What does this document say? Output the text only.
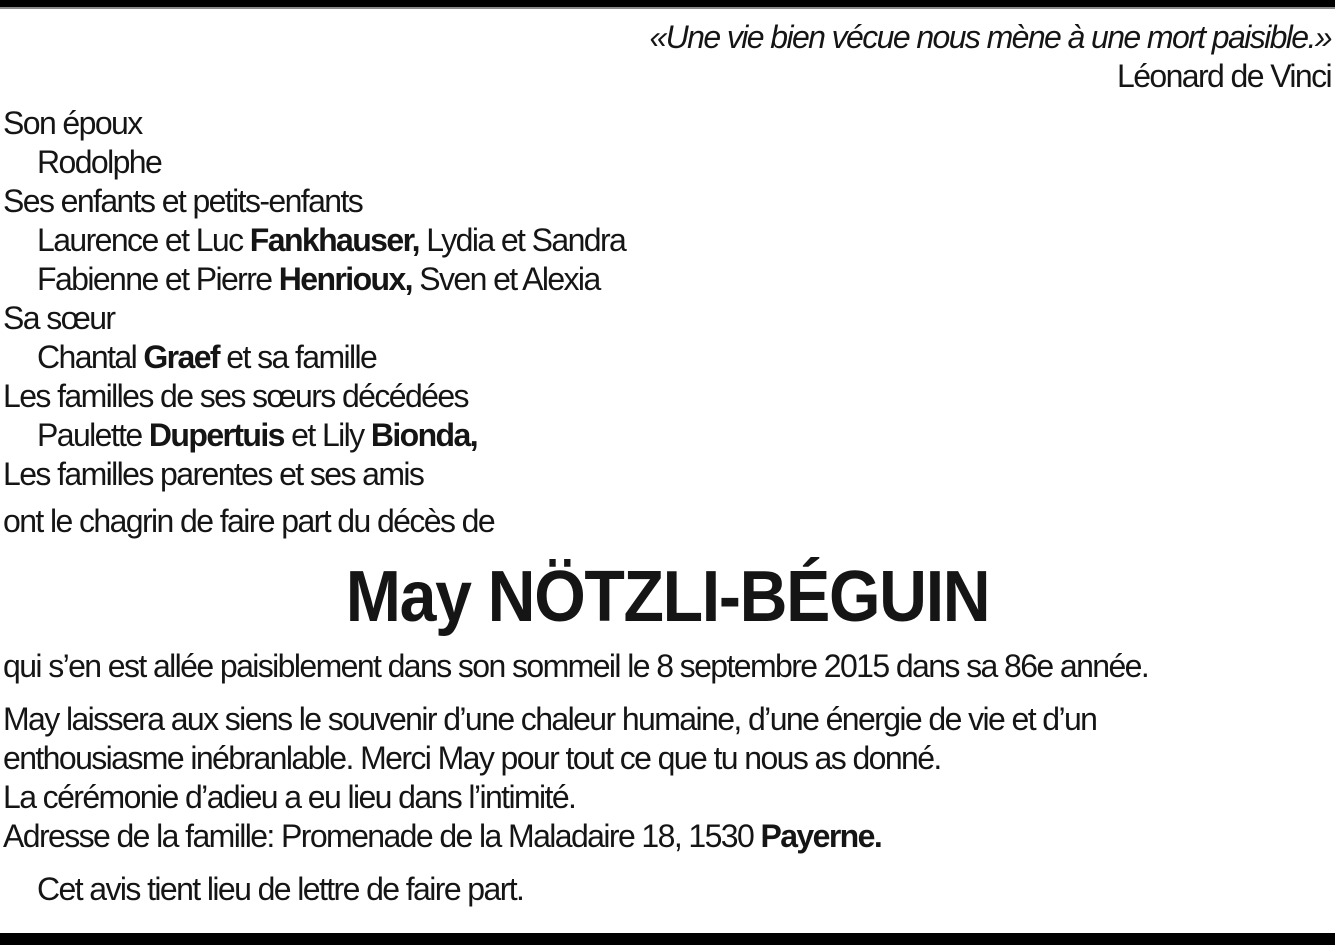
«Une vie bien vécue nous mène à une mort paisible.»
Léonard de Vinci
Son époux
Rodolphe
Ses enfants et petits-enfants
Laurence et Luc Fankhauser, Lydia et Sandra
Fabienne et Pierre Henrioux, Sven et Alexia
Sa sœur
Chantal Graef et sa famille
Les familles de ses sœurs décédées
Paulette Dupertuis et Lily Bionda,
Les familles parentes et ses amis
ont le chagrin de faire part du décès de
May NÖTZLI-BÉGUIN
qui s’en est allée paisiblement dans son sommeil le 8 septembre 2015 dans sa 86e année.
May laissera aux siens le souvenir d’une chaleur humaine, d’une énergie de vie et d’un
enthousiasme inébranlable. Merci May pour tout ce que tu nous as donné.
La cérémonie d’adieu a eu lieu dans l’intimité.
Adresse de la famille: Promenade de la Maladaire 18, 1530 Payerne.
Cet avis tient lieu de lettre de faire part.
